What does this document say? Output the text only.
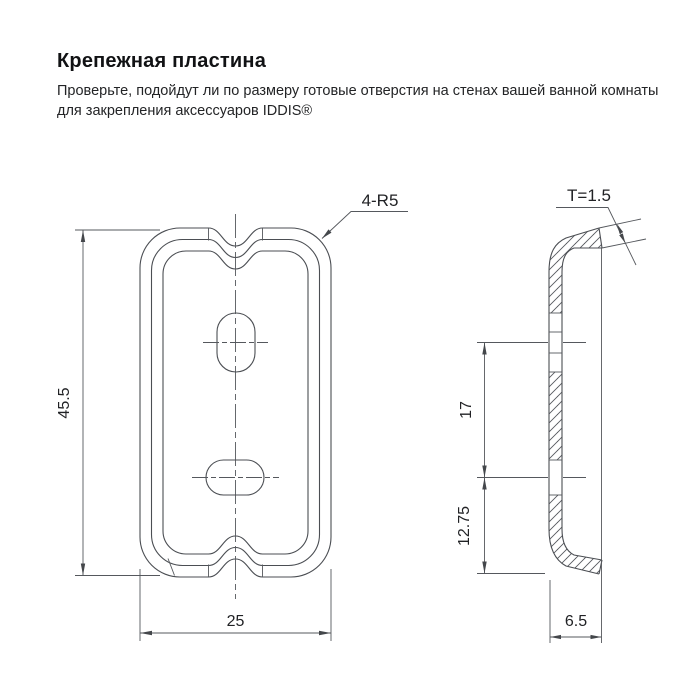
Крепежная пластина
Проверьте, подойдут ли по размеру готовые отверстия на стенах вашей ванной комнаты
для закрепления аксессуаров IDDIS®
45.5
25
4-R5	T=1.5
17
12.75
6.5
